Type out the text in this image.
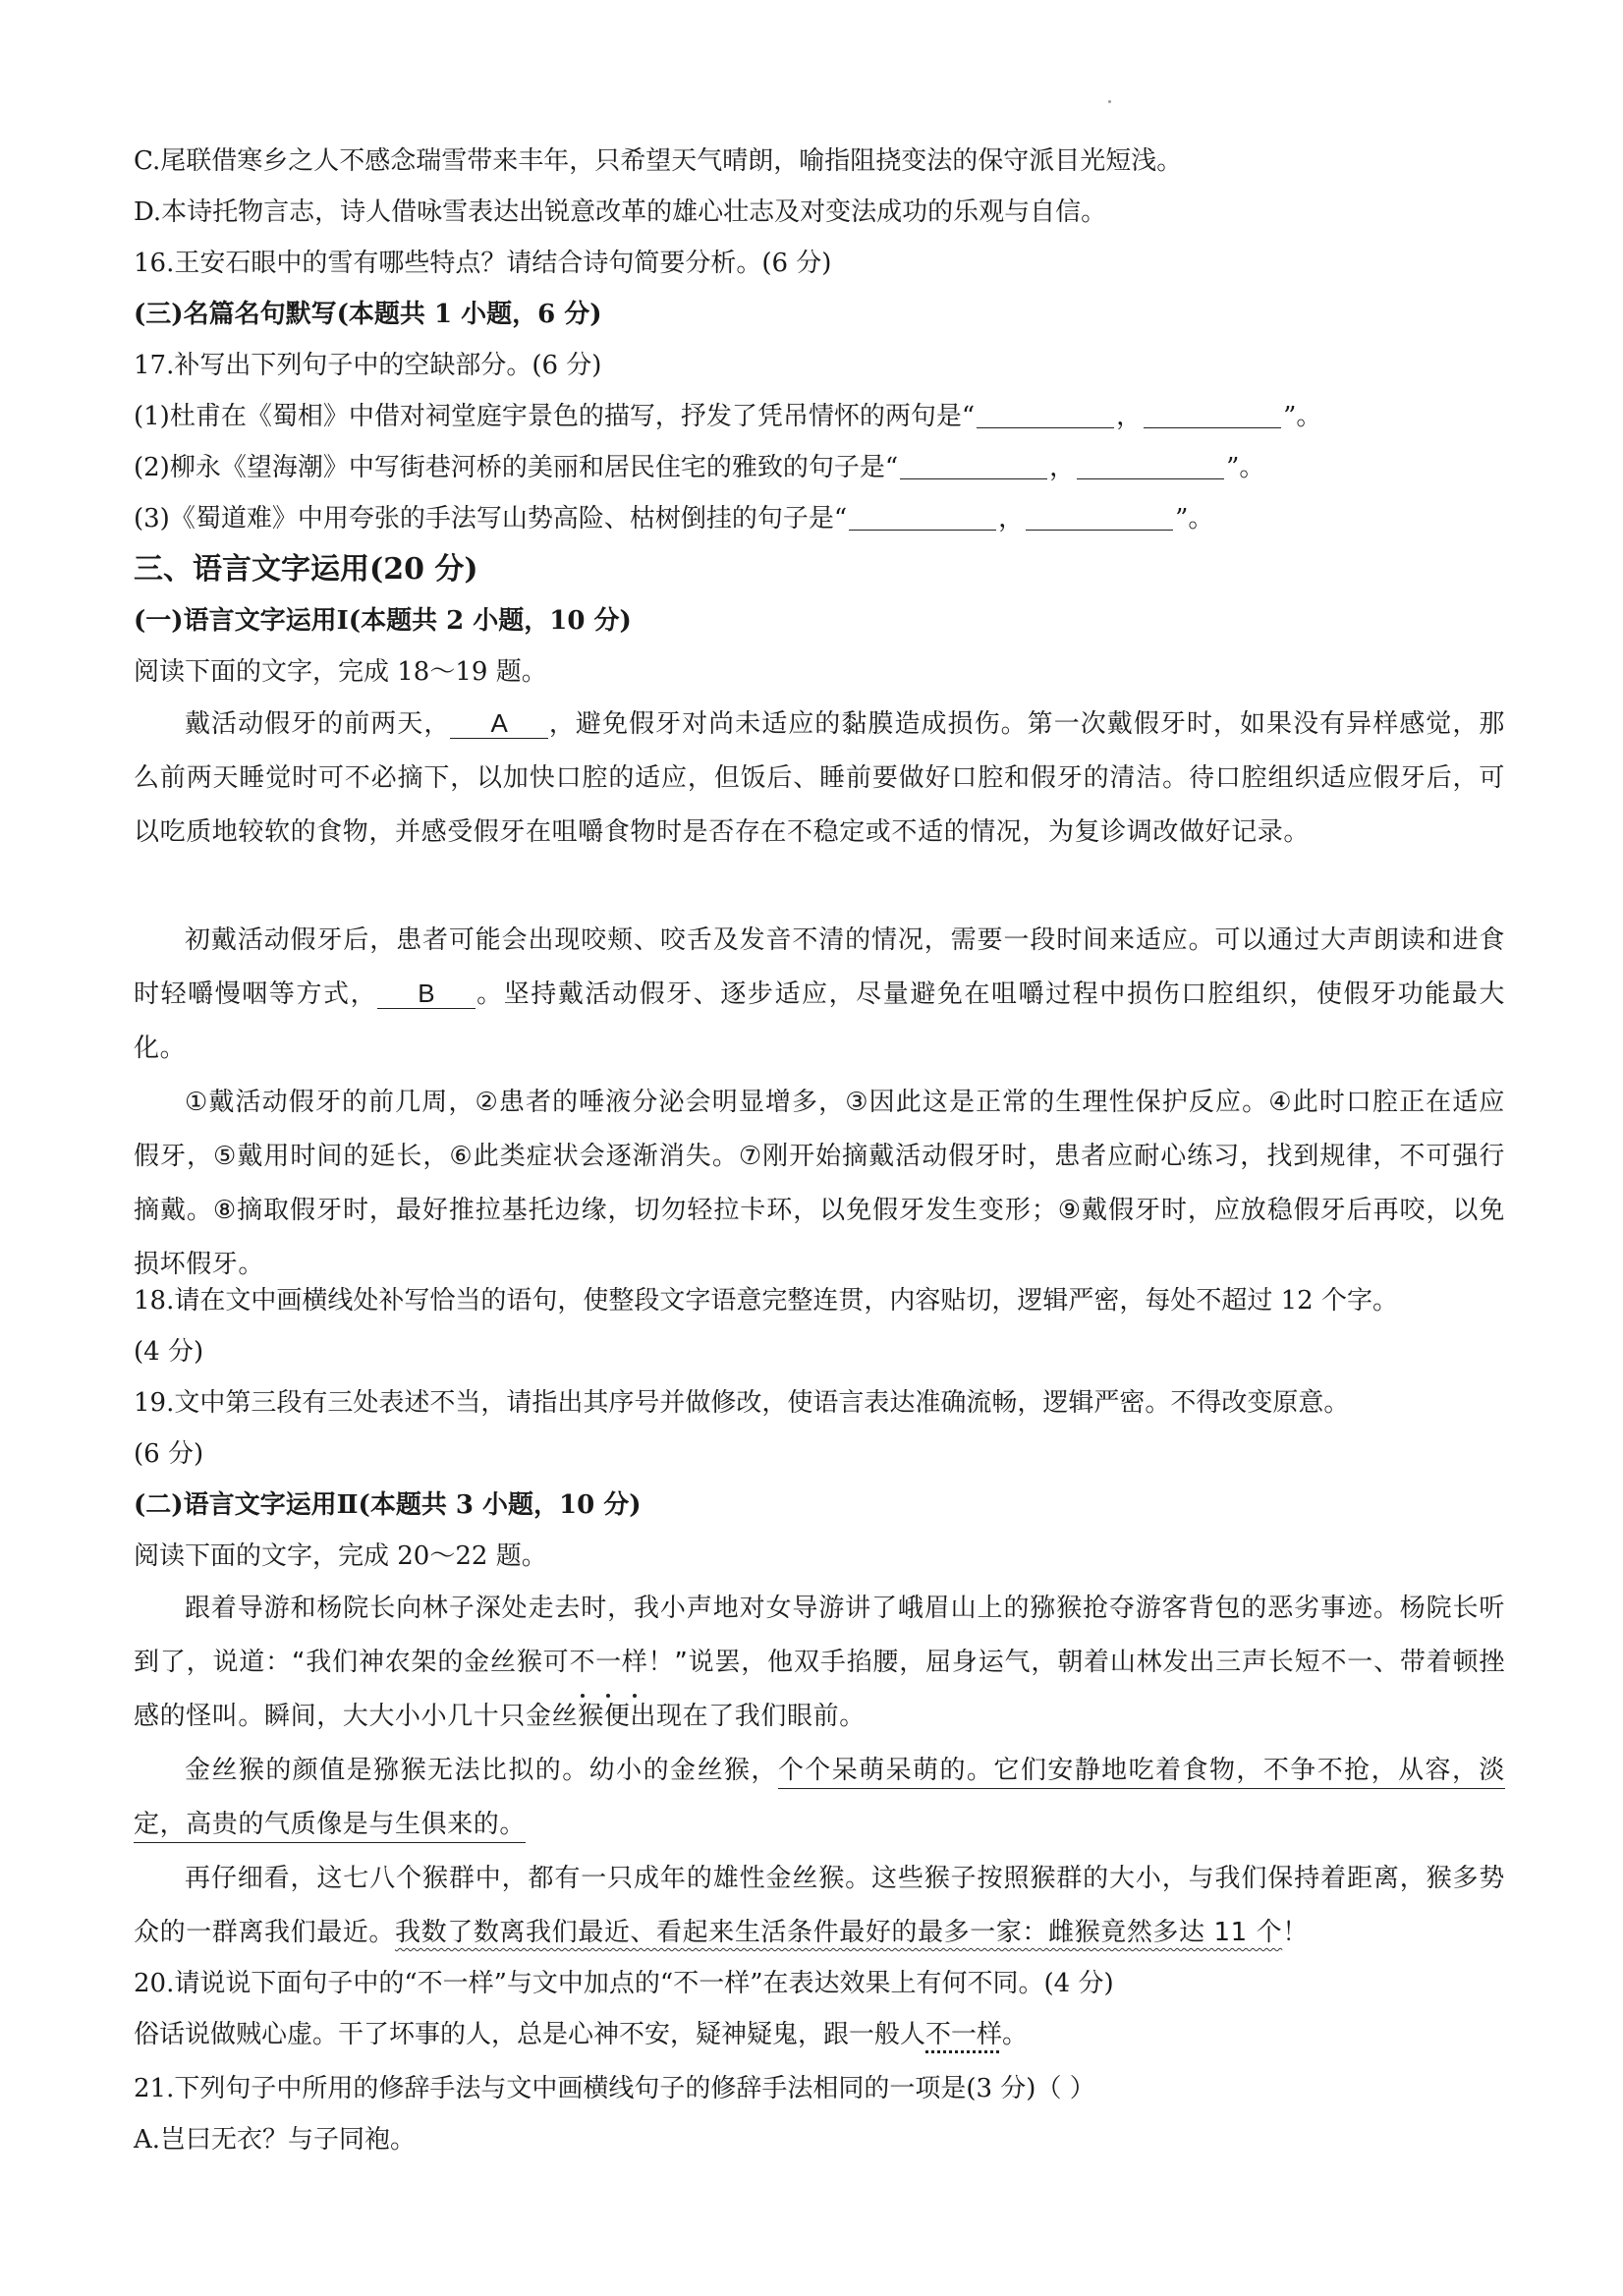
C.尾联借寒乡之人不感念瑞雪带来丰年，只希望天气晴朗，喻指阻挠变法的保守派目光短浅。
D.本诗托物言志，诗人借咏雪表达出锐意改革的雄心壮志及对变法成功的乐观与自信。
16.王安石眼中的雪有哪些特点？请结合诗句简要分析。(6 分)
(三)名篇名句默写(本题共 1 小题，6 分)
17.补写出下列句子中的空缺部分。(6 分)
(1)杜甫在《蜀相》中借对祠堂庭宇景色的描写，抒发了凭吊情怀的两句是“	，	”。
(2)柳永《望海潮》中写街巷河桥的美丽和居民住宅的雅致的句子是“	，	”。
(3)《蜀道难》中用夸张的手法写山势高险、枯树倒挂的句子是“	，	”。
三、语言文字运用(20 分)
(一)语言文字运用Ⅰ(本题共 2 小题，10 分)
阅读下面的文字，完成 18～19 题。
戴活动假牙的前两天， A ，避免假牙对尚未适应的黏膜造成损伤。第一次戴假牙时，如果没有异样感觉，那么前两天睡觉时可不必摘下，以加快口腔的适应，但饭后、睡前要做好口腔和假牙的清洁。待口腔组织适应假牙后，可以吃质地较软的食物，并感受假牙在咀嚼食物时是否存在不稳定或不适的情况，为复诊调改做好记录。
初戴活动假牙后，患者可能会出现咬颊、咬舌及发音不清的情况，需要一段时间来适应。可以通过大声朗读和进食时轻嚼慢咽等方式， B 。坚持戴活动假牙、逐步适应，尽量避免在咀嚼过程中损伤口腔组织，使假牙功能最大化。
①戴活动假牙的前几周，②患者的唾液分泌会明显增多，③因此这是正常的生理性保护反应。④此时口腔正在适应假牙，⑤戴用时间的延长，⑥此类症状会逐渐消失。⑦刚开始摘戴活动假牙时，患者应耐心练习，找到规律，不可强行摘戴。⑧摘取假牙时，最好推拉基托边缘，切勿轻拉卡环，以免假牙发生变形；⑨戴假牙时，应放稳假牙后再咬，以免损坏假牙。
18.请在文中画横线处补写恰当的语句，使整段文字语意完整连贯，内容贴切，逻辑严密，每处不超过 12 个字。
(4 分)
19.文中第三段有三处表述不当，请指出其序号并做修改，使语言表达准确流畅，逻辑严密。不得改变原意。
(6 分)
(二)语言文字运用Ⅱ(本题共 3 小题，10 分)
阅读下面的文字，完成 20～22 题。
跟着导游和杨院长向林子深处走去时，我小声地对女导游讲了峨眉山上的猕猴抢夺游客背包的恶劣事迹。杨院长听到了，说道：“我们神农架的金丝猴可不一样！”说罢，他双手掐腰，屈身运气，朝着山林发出三声长短不一、带着顿挫感的怪叫。瞬间，大大小小几十只金丝猴便出现在了我们眼前。
金丝猴的颜值是猕猴无法比拟的。幼小的金丝猴，个个呆萌呆萌的。它们安静地吃着食物，不争不抢，从容，淡定，高贵的气质像是与生俱来的。
再仔细看，这七八个猴群中，都有一只成年的雄性金丝猴。这些猴子按照猴群的大小，与我们保持着距离，猴多势众的一群离我们最近。我数了数离我们最近、看起来生活条件最好的最多一家：雌猴竟然多达 11 个！
20.请说说下面句子中的“不一样”与文中加点的“不一样”在表达效果上有何不同。(4 分)
俗话说做贼心虚。干了坏事的人，总是心神不安，疑神疑鬼，跟一般人不一样。
21.下列句子中所用的修辞手法与文中画横线句子的修辞手法相同的一项是(3 分)（ ）
A.岂曰无衣？与子同袍。
